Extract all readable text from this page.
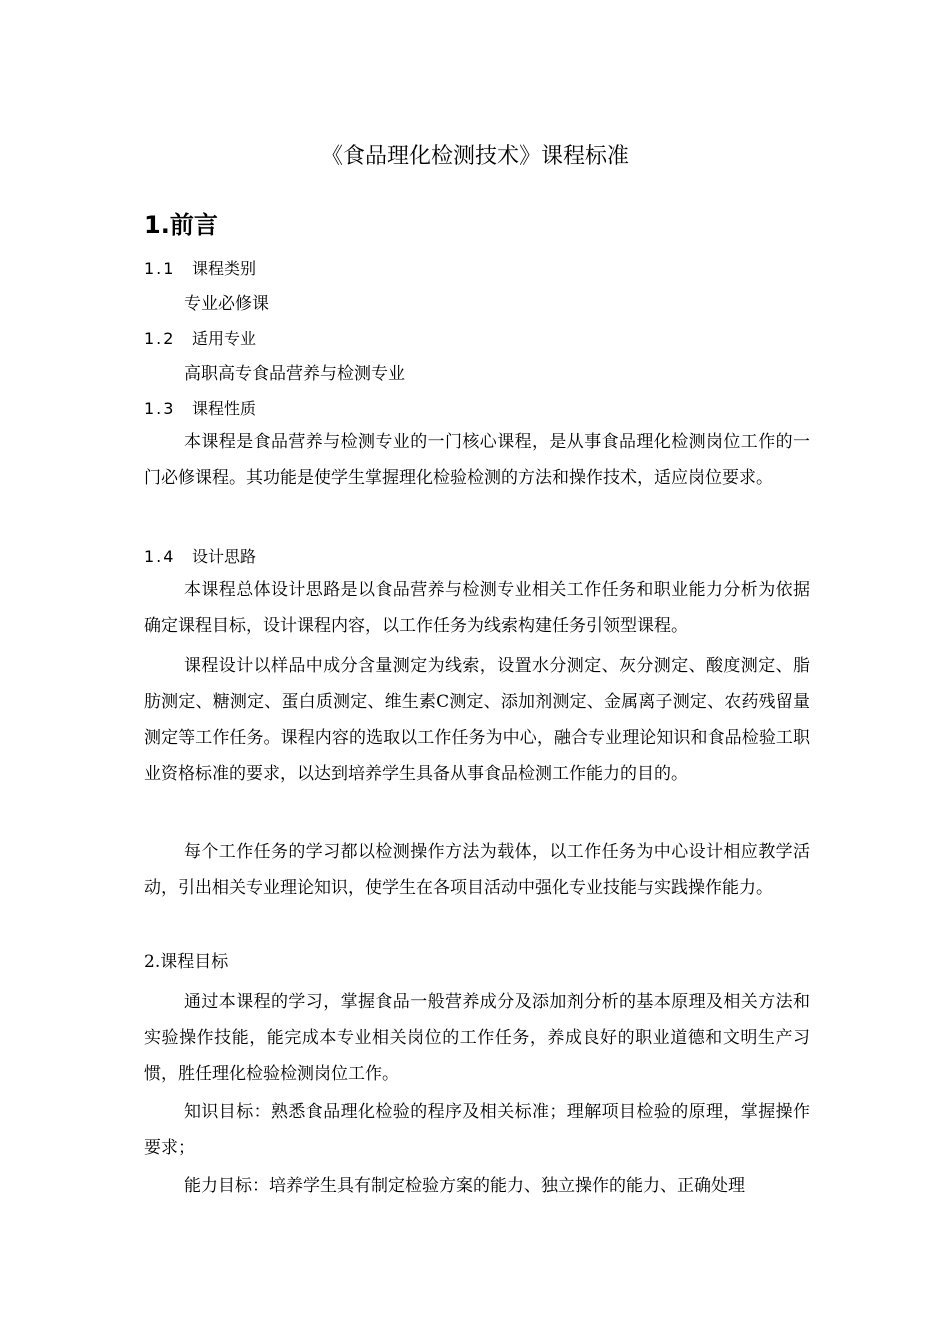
《食品理化检测技术》课程标准
1.前言
1.1 课程类别
专业必修课
1.2 适用专业
高职高专食品营养与检测专业
1.3 课程性质
本课程是食品营养与检测专业的一门核心课程，是从事食品理化检测岗位工作的一门必修课程。其功能是使学生掌握理化检验检测的方法和操作技术，适应岗位要求。
1.4 设计思路
本课程总体设计思路是以食品营养与检测专业相关工作任务和职业能力分析为依据确定课程目标，设计课程内容，以工作任务为线索构建任务引领型课程。
课程设计以样品中成分含量测定为线索，设置水分测定、灰分测定、酸度测定、脂肪测定、糖测定、蛋白质测定、维生素C测定、添加剂测定、金属离子测定、农药残留量测定等工作任务。课程内容的选取以工作任务为中心，融合专业理论知识和食品检验工职业资格标准的要求，以达到培养学生具备从事食品检测工作能力的目的。
每个工作任务的学习都以检测操作方法为载体，以工作任务为中心设计相应教学活动，引出相关专业理论知识，使学生在各项目活动中强化专业技能与实践操作能力。
2.课程目标
通过本课程的学习，掌握食品一般营养成分及添加剂分析的基本原理及相关方法和实验操作技能，能完成本专业相关岗位的工作任务，养成良好的职业道德和文明生产习惯，胜任理化检验检测岗位工作。
知识目标：熟悉食品理化检验的程序及相关标准；理解项目检验的原理，掌握操作要求；
能力目标：培养学生具有制定检验方案的能力、独立操作的能力、正确处理
